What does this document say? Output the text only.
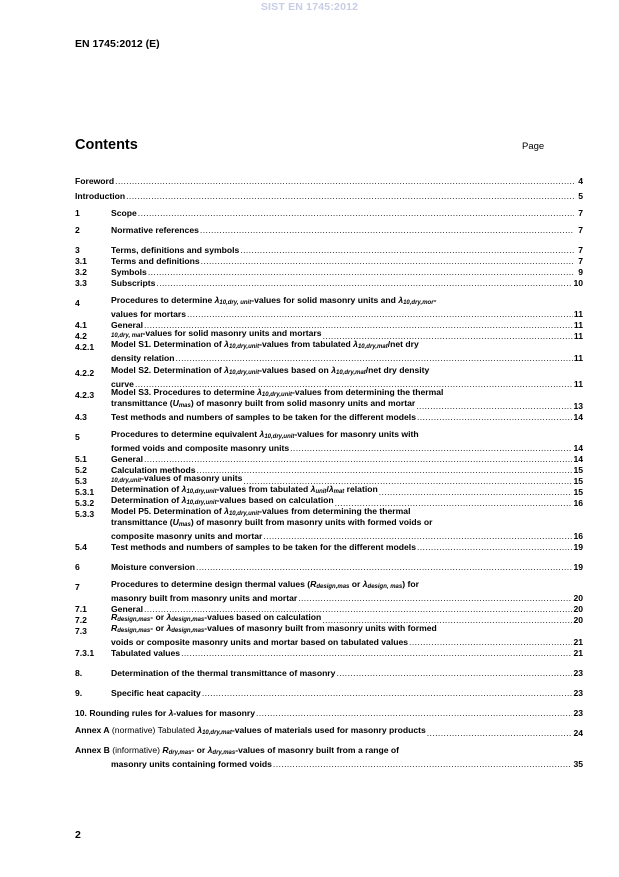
SIST EN 1745:2012
EN 1745:2012 (E)
Contents	Page
Foreword .....	4
Introduction .....	5
1	Scope .....	7
2	Normative references .....	7
3	Terms, definitions and symbols .....	7
3.1	Terms and definitions .....	7
3.2	Symbols .....	9
3.3	Subscripts .....	10
4	Procedures to determine λ10,dry, unit-values for solid masonry units and λ10,dry,mor-
values for mortars .....	11
4.1	General .....	11
4.2	10,dry, mat-values for solid masonry units and mortars .....	11
4.2.1	Model S1. Determination of λ10,dry,unit-values from tabulated λ10,dry,mat/net dry
density relation .....	11
4.2.2	Model S2. Determination of λ10,dry,unit-values based on λ10,dry,mat/net dry density
curve .....	11
4.2.3	Model S3. Procedures to determine λ10,dry,unit-values from determining the thermal
transmittance (Umas) of masonry built from solid masonry units and mortar .....	13
4.3	Test methods and numbers of samples to be taken for the different models .....	14
5	Procedures to determine equivalent λ10,dry,unit-values for masonry units with
formed voids and composite masonry units .....	14
5.1	General .....	14
5.2	Calculation methods .....	15
5.3	10,dry,unit-values of masonry units .....	15
5.3.1	Determination of λ10,dry,unit-values from tabulated λunit/λmat relation .....	15
5.3.2	Determination of λ10,dry,unit-values based on calculation .....	16
5.3.3	Model P5. Determination of λ10,dry,unit-values from determining the thermal
transmittance (Umas) of masonry built from masonry units with formed voids or
composite masonry units and mortar .....	16
5.4	Test methods and numbers of samples to be taken for the different models .....	19
6	Moisture conversion .....	19
7	Procedures to determine design thermal values (Rdesign,mas or λdesign, mas) for
masonry built from masonry units and mortar .....	20
7.1	General .....	20
7.2	Rdesign,mas- or λdesign,mas-values based on calculation .....	20
7.3	Rdesign,mas- or λdesign,mas-values of masonry built from masonry units with formed
voids or composite masonry units and mortar based on tabulated values .....	21
7.3.1	Tabulated values .....	21
8.	Determination of the thermal transmittance of masonry .....	23
9.	Specific heat capacity .....	23
10. Rounding rules for λ-values for masonry .....	23
Annex A (normative) Tabulated λ10,dry,mat-values of materials used for masonry products .....	24
Annex B (informative) Rdry,mas- or λdry,mas-values of masonry built from a range of
masonry units containing formed voids .....	35
2
